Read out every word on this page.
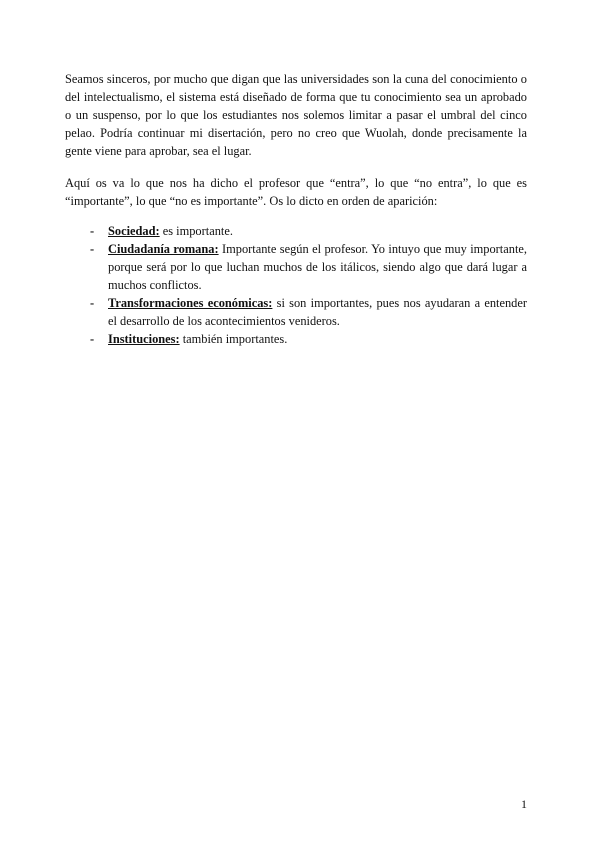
Seamos sinceros, por mucho que digan que las universidades son la cuna del conocimiento o del intelectualismo, el sistema está diseñado de forma que tu conocimiento sea un aprobado o un suspenso, por lo que los estudiantes nos solemos limitar a pasar el umbral del cinco pelao. Podría continuar mi disertación, pero no creo que Wuolah, donde precisamente la gente viene para aprobar, sea el lugar.

Aquí os va lo que nos ha dicho el profesor que “entra”, lo que “no entra”, lo que es “importante”, lo que “no es importante”. Os lo dicto en orden de aparición:

- Sociedad: es importante.
- Ciudadanía romana: Importante según el profesor. Yo intuyo que muy importante, porque será por lo que luchan muchos de los itálicos, siendo algo que dará lugar a muchos conflictos.
- Transformaciones económicas: si son importantes, pues nos ayudaran a entender el desarrollo de los acontecimientos venideros.
- Instituciones: también importantes.
1
